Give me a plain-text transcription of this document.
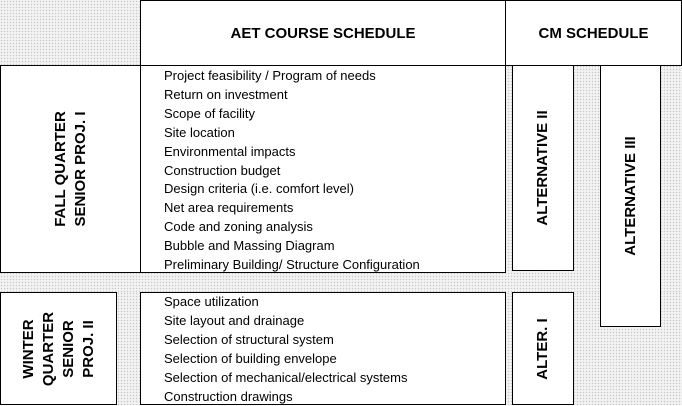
AET COURSE SCHEDULE	CM SCHEDULE
FALL QUARTER
SENIOR PROJ. I
Project feasibility / Program of needs
Return on investment
Scope of facility
Site location
Environmental impacts
Construction budget
Design criteria (i.e. comfort level)
Net area requirements
Code and zoning analysis
Bubble and Massing Diagram
Preliminary Building/ Structure Configuration
WINTER
QUARTER
SENIOR
PROJ. II
Space utilization
Site layout and drainage
Selection of structural system
Selection of building envelope
Selection of mechanical/electrical systems
Construction drawings
ALTERNATIVE II	ALTERNATIVE III
ALTER. I
